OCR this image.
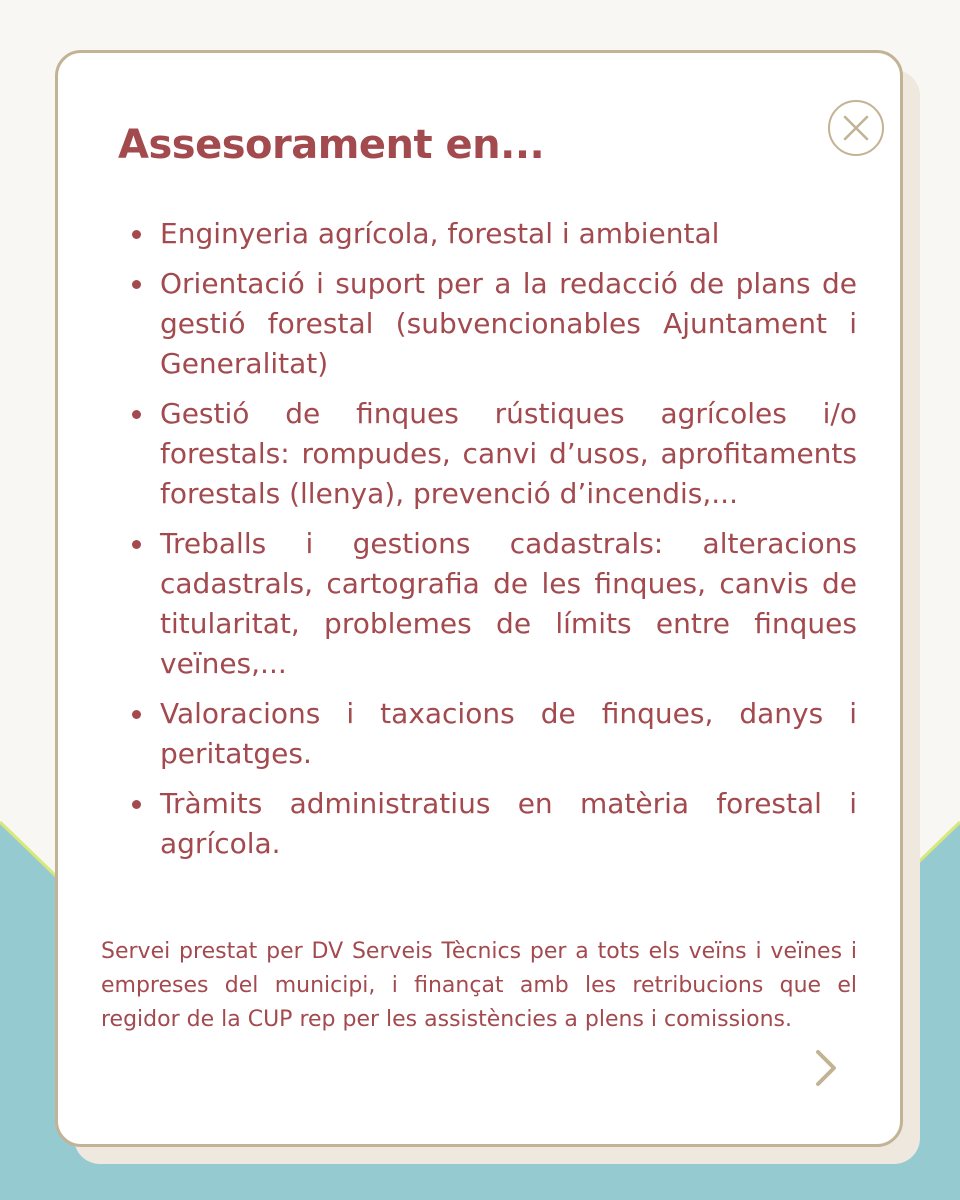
Assesorament en...
Enginyeria agrícola, forestal i ambiental
Orientació i suport per a la redacció de plans de gestió forestal (subvencionables Ajuntament i Generalitat)
Gestió de finques rústiques agrícoles i/o forestals: rompudes, canvi d’usos, aprofitaments forestals (llenya), prevenció d’incendis,...
Treballs i gestions cadastrals: alteracions cadastrals, cartografia de les finques, canvis de titularitat, problemes de límits entre finques veïnes,...
Valoracions i taxacions de finques, danys i peritatges.
Tràmits administratius en matèria forestal i agrícola.

Servei prestat per DV Serveis Tècnics per a tots els veïns i veïnes i empreses del municipi, i finançat amb les retribucions que el regidor de la CUP rep per les assistències a plens i comissions.
